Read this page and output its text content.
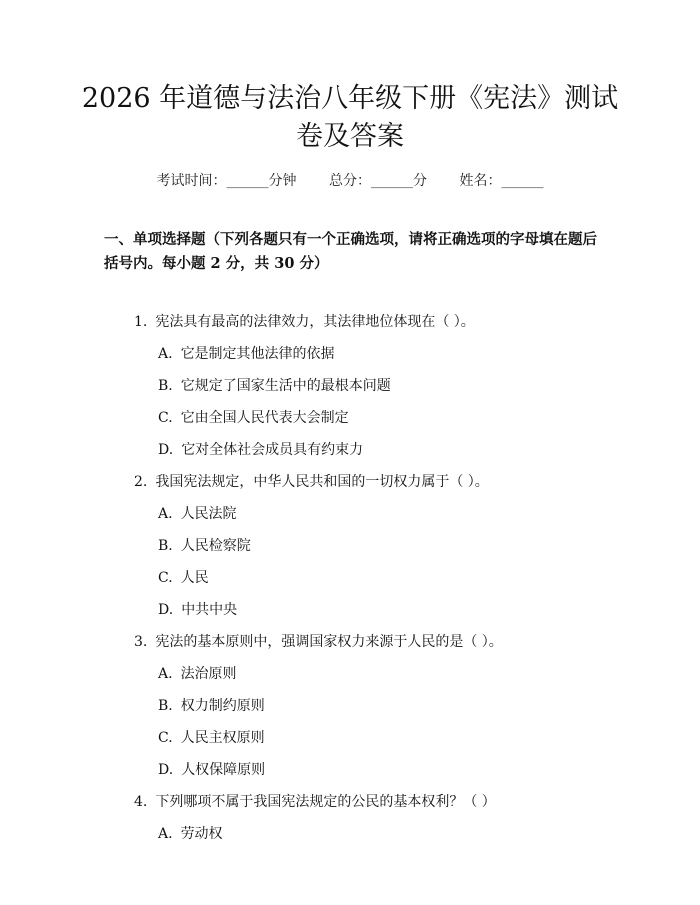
2026 年道德与法治八年级下册《宪法》测试
卷及答案
考试时间：______分钟 总分：______分 姓名：______
一、单项选择题（下列各题只有一个正确选项，请将正确选项的字母填在题后括号内。每小题 2 分，共 30 分）
1. 宪法具有最高的法律效力，其法律地位体现在（ ）。
A. 它是制定其他法律的依据
B. 它规定了国家生活中的最根本问题
C. 它由全国人民代表大会制定
D. 它对全体社会成员具有约束力
2. 我国宪法规定，中华人民共和国的一切权力属于（ ）。
A. 人民法院
B. 人民检察院
C. 人民
D. 中共中央
3. 宪法的基本原则中，强调国家权力来源于人民的是（ ）。
A. 法治原则
B. 权力制约原则
C. 人民主权原则
D. 人权保障原则
4. 下列哪项不属于我国宪法规定的公民的基本权利？（ ）
A. 劳动权
